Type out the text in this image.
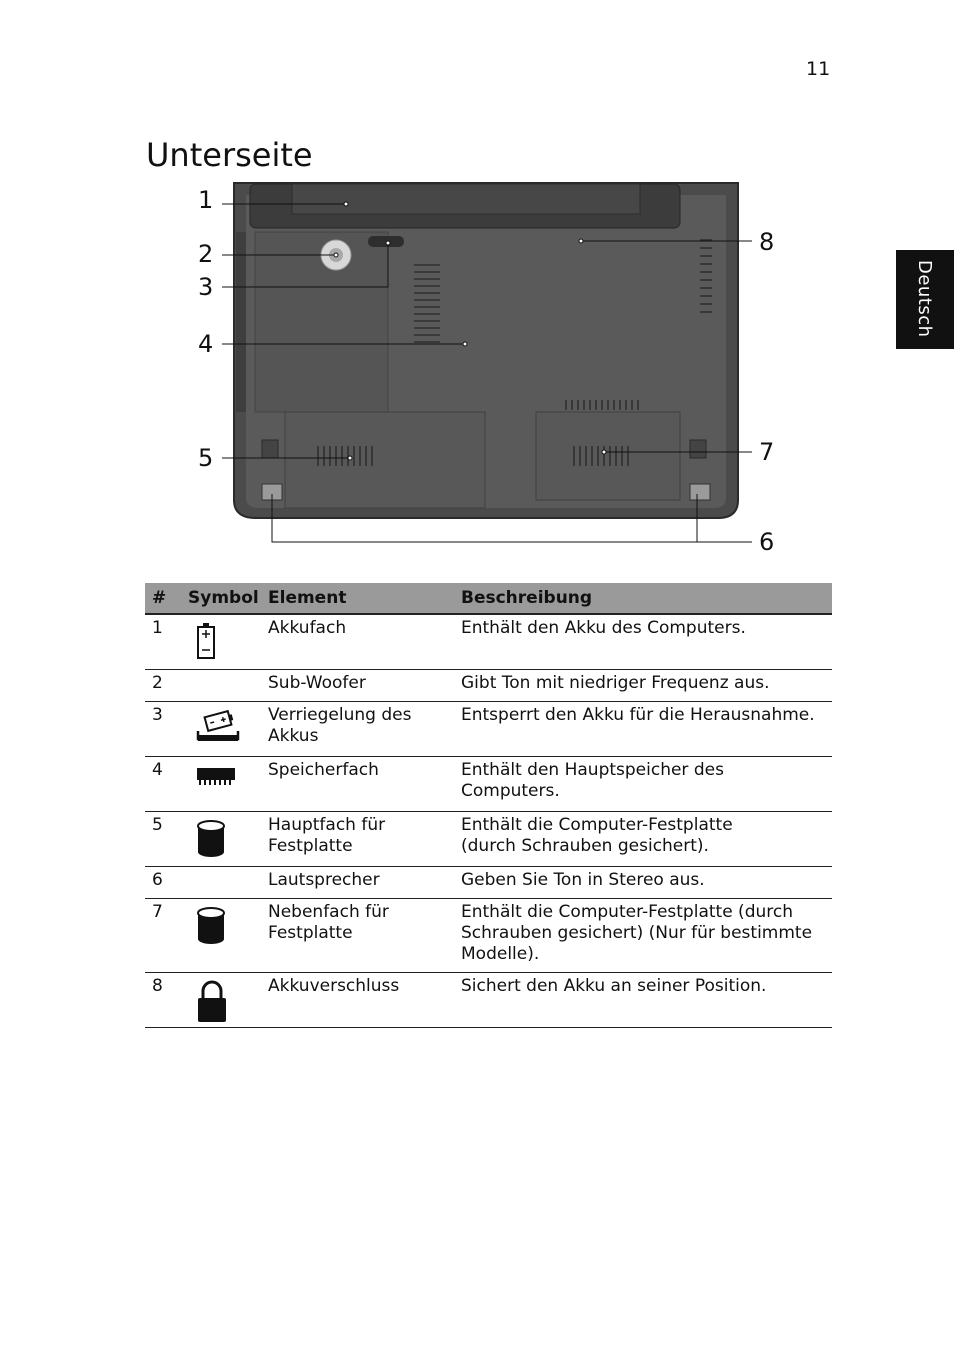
11
Unterseite
Deutsch
1
2
3
4
5
6
7
8
#	Symbol	Element	Beschreibung
1		Akkufach	Enthält den Akku des Computers.
2		Sub-Woofer	Gibt Ton mit niedriger Frequenz aus.
3		Verriegelung des Akkus	Entsperrt den Akku für die Herausnahme.
4		Speicherfach	Enthält den Hauptspeicher des Computers.
5		Hauptfach für Festplatte	Enthält die Computer-Festplatte
(durch Schrauben gesichert).
6		Lautsprecher	Geben Sie Ton in Stereo aus.
7		Nebenfach für Festplatte	Enthält die Computer-Festplatte (durch Schrauben gesichert) (Nur für bestimmte Modelle).
8		Akkuverschluss	Sichert den Akku an seiner Position.
